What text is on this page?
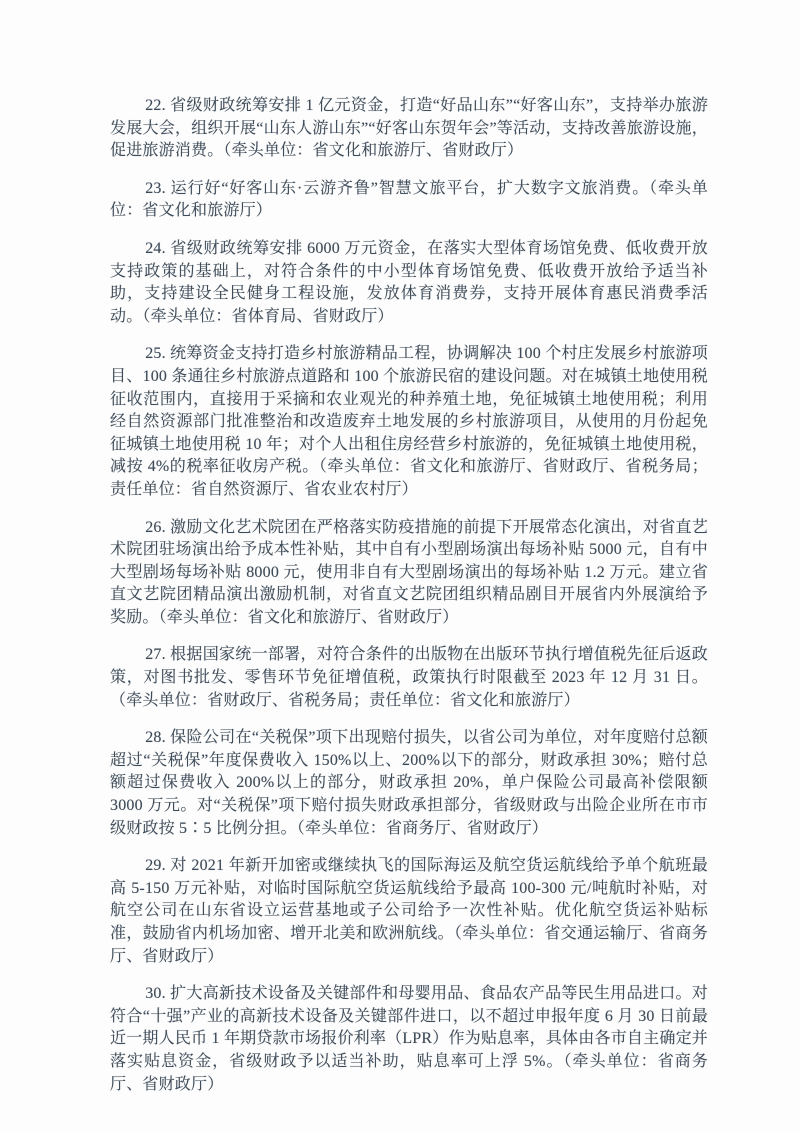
22. 省级财政统筹安排 1 亿元资金，打造“好品山东”“好客山东”，支持举办旅游发展大会，组织开展“山东人游山东”“好客山东贺年会”等活动，支持改善旅游设施，促进旅游消费。（牵头单位：省文化和旅游厅、省财政厅）

23. 运行好“好客山东·云游齐鲁”智慧文旅平台，扩大数字文旅消费。（牵头单位：省文化和旅游厅）

24. 省级财政统筹安排 6000 万元资金，在落实大型体育场馆免费、低收费开放支持政策的基础上，对符合条件的中小型体育场馆免费、低收费开放给予适当补助，支持建设全民健身工程设施，发放体育消费券，支持开展体育惠民消费季活动。（牵头单位：省体育局、省财政厅）

25. 统筹资金支持打造乡村旅游精品工程，协调解决 100 个村庄发展乡村旅游项目、100 条通往乡村旅游点道路和 100 个旅游民宿的建设问题。对在城镇土地使用税征收范围内，直接用于采摘和农业观光的种养殖土地，免征城镇土地使用税；利用经自然资源部门批准整治和改造废弃土地发展的乡村旅游项目，从使用的月份起免征城镇土地使用税 10 年；对个人出租住房经营乡村旅游的，免征城镇土地使用税，减按 4%的税率征收房产税。（牵头单位：省文化和旅游厅、省财政厅、省税务局；责任单位：省自然资源厅、省农业农村厅）

26. 激励文化艺术院团在严格落实防疫措施的前提下开展常态化演出，对省直艺术院团驻场演出给予成本性补贴，其中自有小型剧场演出每场补贴 5000 元，自有中大型剧场每场补贴 8000 元，使用非自有大型剧场演出的每场补贴 1.2 万元。建立省直文艺院团精品演出激励机制，对省直文艺院团组织精品剧目开展省内外展演给予奖励。（牵头单位：省文化和旅游厅、省财政厅）

27. 根据国家统一部署，对符合条件的出版物在出版环节执行增值税先征后返政策，对图书批发、零售环节免征增值税，政策执行时限截至 2023 年 12 月 31 日。（牵头单位：省财政厅、省税务局；责任单位：省文化和旅游厅）

28. 保险公司在“关税保”项下出现赔付损失，以省公司为单位，对年度赔付总额超过“关税保”年度保费收入 150%以上、200%以下的部分，财政承担 30%；赔付总额超过保费收入 200%以上的部分，财政承担 20%，单户保险公司最高补偿限额 3000 万元。对“关税保”项下赔付损失财政承担部分，省级财政与出险企业所在市市级财政按 5∶5 比例分担。（牵头单位：省商务厅、省财政厅）

29. 对 2021 年新开加密或继续执飞的国际海运及航空货运航线给予单个航班最高 5-150 万元补贴，对临时国际航空货运航线给予最高 100-300 元/吨航时补贴，对航空公司在山东省设立运营基地或子公司给予一次性补贴。优化航空货运补贴标准，鼓励省内机场加密、增开北美和欧洲航线。（牵头单位：省交通运输厅、省商务厅、省财政厅）

30. 扩大高新技术设备及关键部件和母婴用品、食品农产品等民生用品进口。对符合“十强”产业的高新技术设备及关键部件进口，以不超过申报年度 6 月 30 日前最近一期人民币 1 年期贷款市场报价利率（LPR）作为贴息率，具体由各市自主确定并落实贴息资金，省级财政予以适当补助，贴息率可上浮 5%。（牵头单位：省商务厅、省财政厅）
